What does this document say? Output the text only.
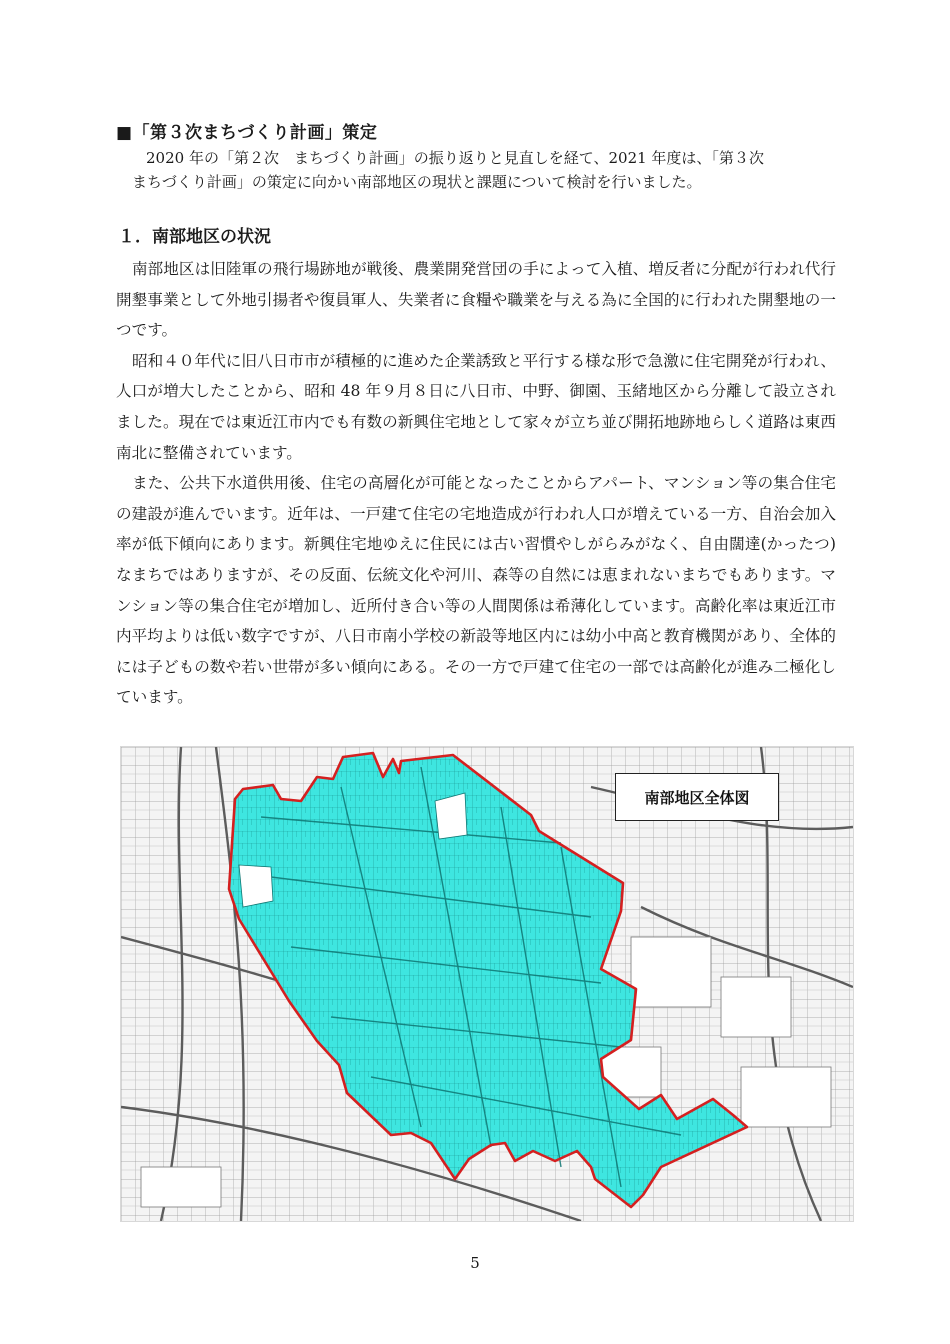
■「第３次まちづくり計画」策定

2020 年の「第２次　まちづくり計画」の振り返りと見直しを経て、2021 年度は、「第３次

まちづくり計画」の策定に向かい南部地区の現状と課題について検討を行いました。

１．南部地区の状況

南部地区は旧陸軍の飛行場跡地が戦後、農業開発営団の手によって入植、増反者に分配が行われ代行開墾事業として外地引揚者や復員軍人、失業者に食糧や職業を与える為に全国的に行われた開墾地の一つです。

昭和４０年代に旧八日市市が積極的に進めた企業誘致と平行する様な形で急激に住宅開発が行われ、人口が増大したことから、昭和 48 年９月８日に八日市、中野、御園、玉緒地区から分離して設立されました。現在では東近江市内でも有数の新興住宅地として家々が立ち並び開拓地跡地らしく道路は東西南北に整備されています。

また、公共下水道供用後、住宅の高層化が可能となったことからアパート、マンション等の集合住宅の建設が進んでいます。近年は、一戸建て住宅の宅地造成が行われ人口が増えている一方、自治会加入率が低下傾向にあります。新興住宅地ゆえに住民には古い習慣やしがらみがなく、自由闊達(かったつ)なまちではありますが、その反面、伝統文化や河川、森等の自然には恵まれないまちでもあります。マンション等の集合住宅が増加し、近所付き合い等の人間関係は希薄化しています。高齢化率は東近江市内平均よりは低い数字ですが、八日市南小学校の新設等地区内には幼小中高と教育機関があり、全体的には子どもの数や若い世帯が多い傾向にある。その一方で戸建て住宅の一部では高齢化が進み二極化しています。

南部地区全体図
5
